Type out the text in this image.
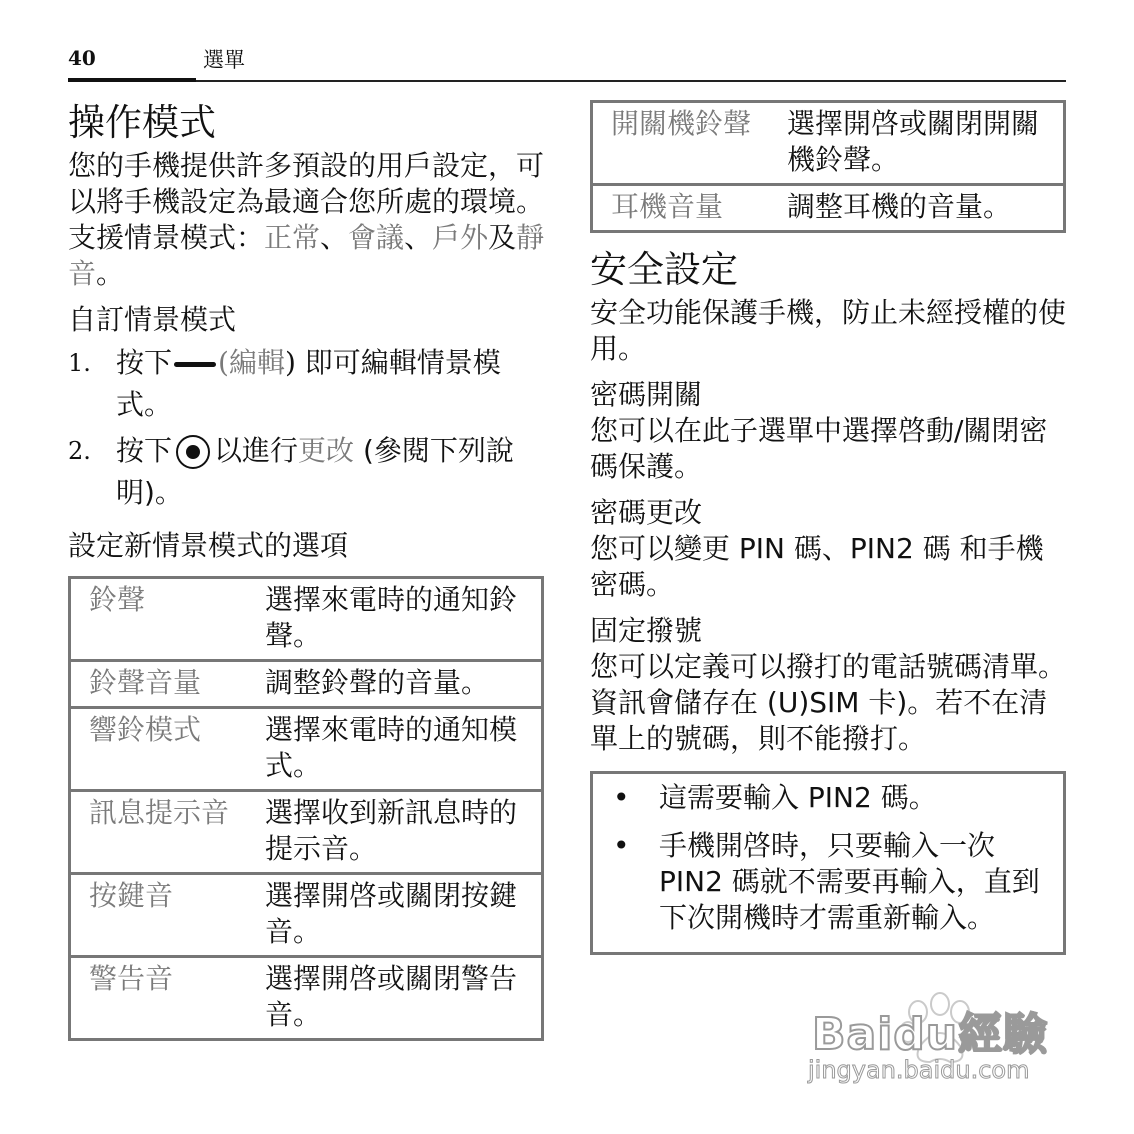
40	選單
操作模式

您的手機提供許多預設的用戶設定，可以將手機設定為最適合您所處的環境。

支援情景模式：正常、會議、戶外及靜音。

自訂情景模式
1. 按下 (編輯) 即可編輯情景模式。
2. 按下 以進行更改 (參閱下列說明)。
設定新情景模式的選項
鈴聲	選擇來電時的通知鈴聲。
鈴聲音量	調整鈴聲的音量。
響鈴模式	選擇來電時的通知模式。
訊息提示音	選擇收到新訊息時的提示音。
按鍵音	選擇開啓或關閉按鍵音。
警告音	選擇開啓或關閉警告音。
開關機鈴聲	選擇開啓或關閉開關機鈴聲。
耳機音量	調整耳機的音量。
安全設定

安全功能保護手機，防止未經授權的使用。

密碼開關

您可以在此子選單中選擇啓動/關閉密碼保護。

密碼更改

您可以變更 PIN 碼、PIN2 碼 和手機密碼。

固定撥號

您可以定義可以撥打的電話號碼清單。資訊會儲存在 (U)SIM 卡)。若不在清單上的號碼，則不能撥打。

• 這需要輸入 PIN2 碼。
• 手機開啓時，只要輸入一次 PIN2 碼就不需要再輸入，直到下次開機時才需重新輸入。
Baidu經驗
jingyan.baidu.com
